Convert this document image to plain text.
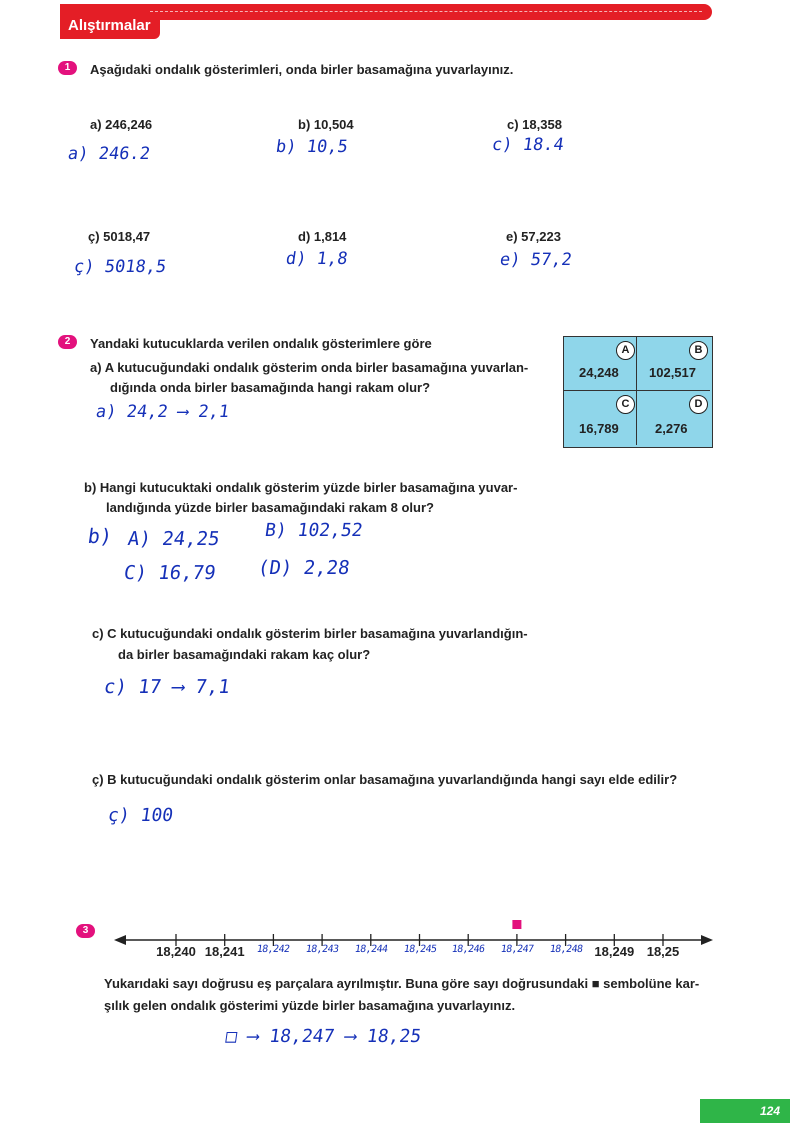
Alıştırmalar
1	Aşağıdaki ondalık gösterimleri, onda birler basamağına yuvarlayınız.
a) 246,246	b) 10,504	c) 18,358
a) 246.2	b) 10,5	c) 18.4
ç) 5018,47	d) 1,814	e) 57,223
ç) 5018,5	d) 1,8	e) 57,2
2	Yandaki kutucuklarda verilen ondalık gösterimlere göre
a) A kutucuğundaki ondalık gösterim onda birler basamağına yuvarlan-
dığında onda birler basamağında hangi rakam olur?
a) 24,2 ⟶ 2,1
A
24,248
B
102,517
C
16,789
D
2,276
b) Hangi kutucuktaki ondalık gösterim yüzde birler basamağına yuvar-
landığında yüzde birler basamağındaki rakam 8 olur?
b) A) 24,25 B) 102,52
C) 16,79 (D) 2,28
c) C kutucuğundaki ondalık gösterim birler basamağına yuvarlandığın-
da birler basamağındaki rakam kaç olur?
c) 17 ⟶ 7,1
ç) B kutucuğundaki ondalık gösterim onlar basamağına yuvarlandığında hangi sayı elde edilir?
ç) 100
3
18,240 18,241	18,242	18,243	18,244	18,245	18,246	18,247	18,248 18,249 18,25
Yukarıdaki sayı doğrusu eş parçalara ayrılmıştır. Buna göre sayı doğrusundaki ■ sembolüne kar-
şılık gelen ondalık gösterimi yüzde birler basamağına yuvarlayınız.
□ ⟶ 18,247 ⟶ 18,25
124
